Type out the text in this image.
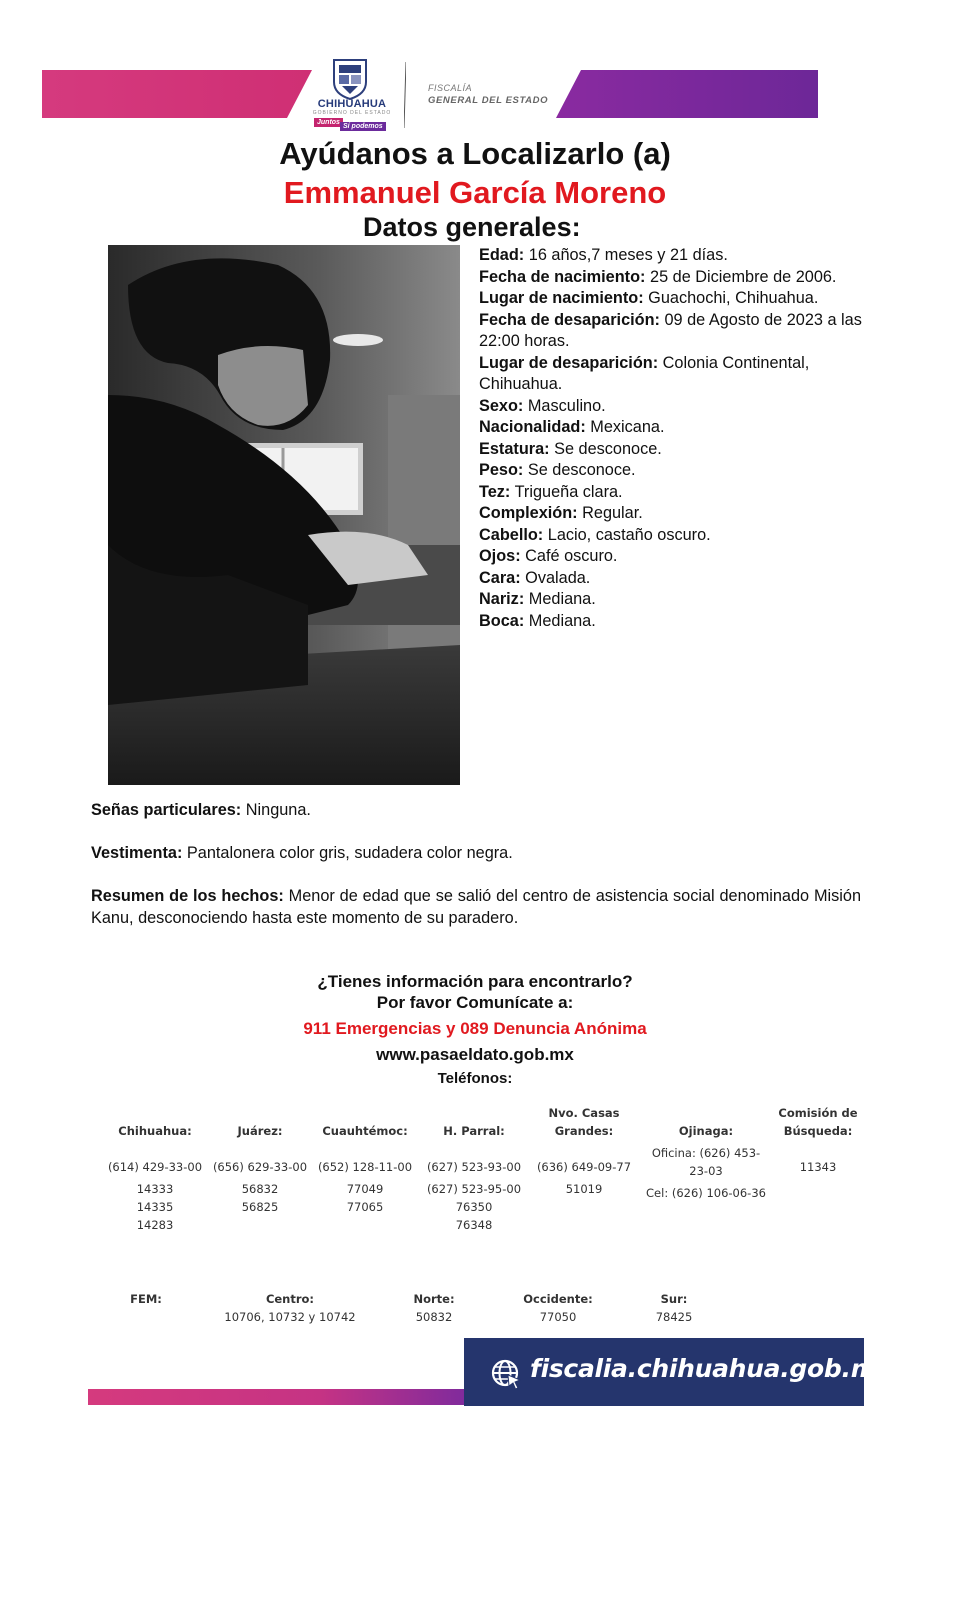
CHIHUAHUA
GOBIERNO DEL ESTADO
Juntos
Sí podemos
FISCALÍA
GENERAL DEL ESTADO
Ayúdanos a Localizarlo (a)
Emmanuel García Moreno
Datos generales:

Edad: 16 años,7 meses y 21 días.

Fecha de nacimiento: 25 de Diciembre de 2006.

Lugar de nacimiento: Guachochi, Chihuahua.

Fecha de desaparición: 09 de Agosto de 2023 a las 22:00 horas.

Lugar de desaparición: Colonia Continental, Chihuahua.

Sexo: Masculino.

Nacionalidad: Mexicana.

Estatura: Se desconoce.

Peso: Se desconoce.

Tez: Trigueña clara.

Complexión: Regular.

Cabello: Lacio, castaño oscuro.

Ojos: Café oscuro.

Cara: Ovalada.

Nariz: Mediana.

Boca: Mediana.

Señas particulares: Ninguna.
Vestimenta: Pantalonera color gris, sudadera color negra.
Resumen de los hechos: Menor de edad que se salió del centro de asistencia social denominado Misión Kanu, desconociendo hasta este momento de su paradero.
¿Tienes información para encontrarlo?
Por favor Comunícate a:
911 Emergencias y 089 Denuncia Anónima
www.pasaeldato.gob.mx
Teléfonos:
Chihuahua:
(614) 429-33-00
14333
14335
14283
Juárez:
(656) 629-33-00
56832
56825
Cuauhtémoc:
(652) 128-11-00
77049
77065
H. Parral:
(627) 523-93-00
(627) 523-95-00
76350
76348
Nvo. Casas Grandes:
(636) 649-09-77
51019
Ojinaga:
Oficina: (626) 453-23-03
Cel: (626) 106-06-36
Comisión de Búsqueda:
11343
FEM:	Centro:
10706, 10732 y 10742
Norte:
50832
Occidente:
77050
Sur:
78425
fiscalia.chihuahua.gob.mx
